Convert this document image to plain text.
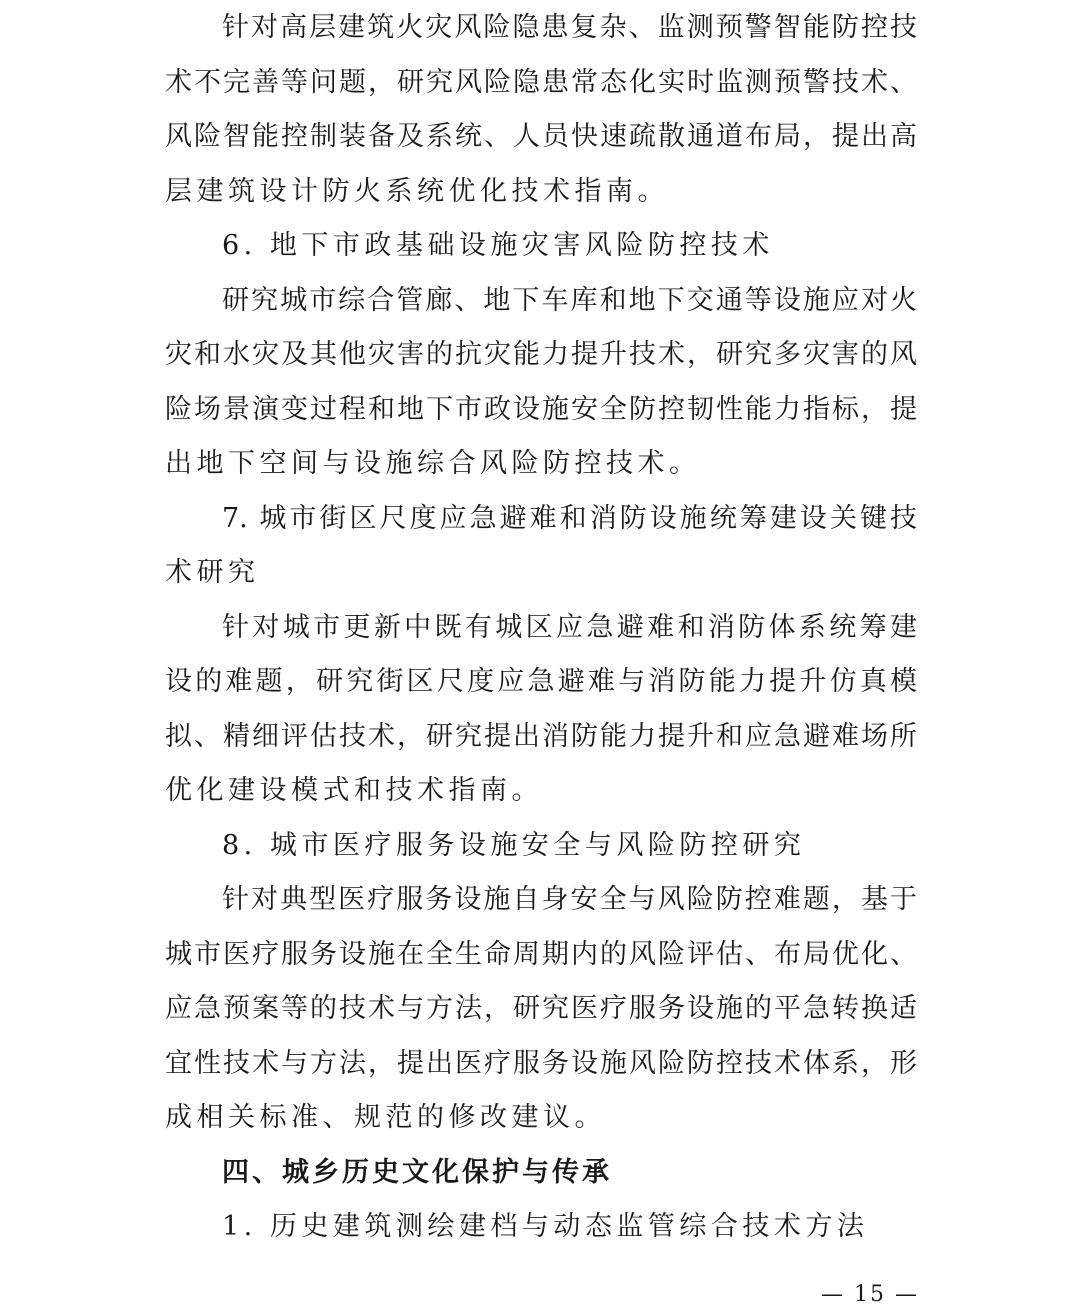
针对高层建筑火灾风险隐患复杂、监测预警智能防控技
术不完善等问题，研究风险隐患常态化实时监测预警技术、
风险智能控制装备及系统、人员快速疏散通道布局，提出高
层建筑设计防火系统优化技术指南。
6. 地下市政基础设施灾害风险防控技术
研究城市综合管廊、地下车库和地下交通等设施应对火
灾和水灾及其他灾害的抗灾能力提升技术，研究多灾害的风
险场景演变过程和地下市政设施安全防控韧性能力指标，提
出地下空间与设施综合风险防控技术。
7. 城市街区尺度应急避难和消防设施统筹建设关键技
术研究
针对城市更新中既有城区应急避难和消防体系统筹建
设的难题，研究街区尺度应急避难与消防能力提升仿真模
拟、精细评估技术，研究提出消防能力提升和应急避难场所
优化建设模式和技术指南。
8. 城市医疗服务设施安全与风险防控研究
针对典型医疗服务设施自身安全与风险防控难题，基于
城市医疗服务设施在全生命周期内的风险评估、布局优化、
应急预案等的技术与方法，研究医疗服务设施的平急转换适
宜性技术与方法，提出医疗服务设施风险防控技术体系，形
成相关标准、规范的修改建议。
四、城乡历史文化保护与传承
1. 历史建筑测绘建档与动态监管综合技术方法
— 15 —
